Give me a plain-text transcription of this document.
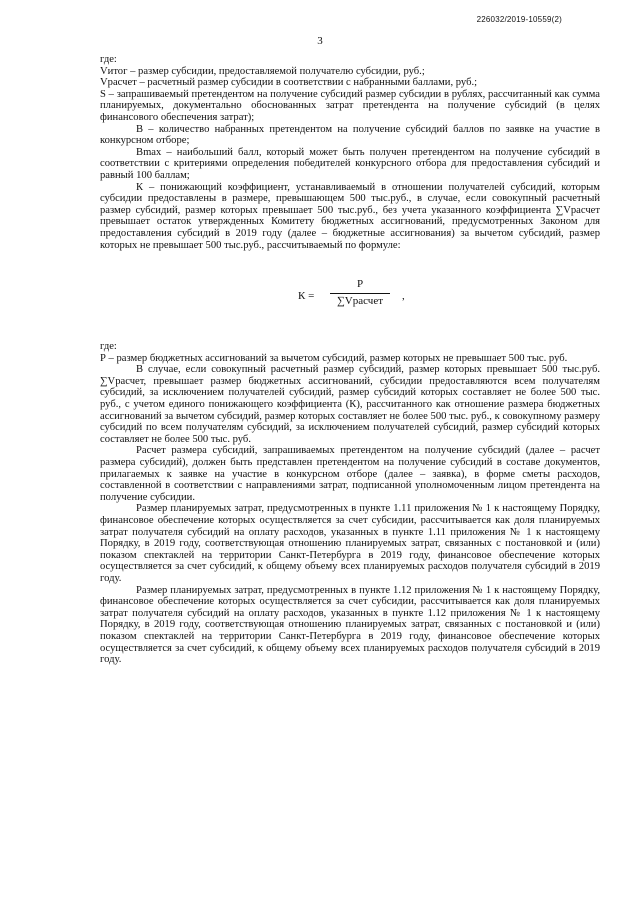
226032/2019-10559(2)
3

где:

Vитог – размер субсидии, предоставляемой получателю субсидии, руб.;

Vрасчет – расчетный размер субсидии в соответствии с набранными баллами, руб.;

S – запрашиваемый претендентом на получение субсидий размер субсидии в рублях, рассчитанный как сумма планируемых, документально обоснованных затрат претендента на получение субсидий (в целях финансового обеспечения затрат);

В – количество набранных претендентом на получение субсидий баллов по заявке на участие в конкурсном отборе;

Вmax – наибольший балл, который может быть получен претендентом на получение субсидий в соответствии с критериями определения победителей конкурсного отбора для предоставления субсидий и равный 100 баллам;

К – понижающий коэффициент, устанавливаемый в отношении получателей субсидий, которым субсидии предоставлены в размере, превышающем 500 тыс.руб., в случае, если совокупный расчетный размер субсидий, размер которых превышает 500 тыс.руб., без учета указанного коэффициента ∑Vрасчет превышает остаток утвержденных Комитету бюджетных ассигнований, предусмотренных Законом для предоставления субсидий в 2019 году (далее – бюджетные ассигнования) за вычетом субсидий, размер которых не превышает 500 тыс.руб., рассчитываемый по формуле:

К =
Р
∑Vрасчет	,

где:

Р – размер бюджетных ассигнований за вычетом субсидий, размер которых не превышает 500 тыс. руб.

В случае, если совокупный расчетный размер субсидий, размер которых превышает 500 тыс.руб. ∑Vрасчет, превышает размер бюджетных ассигнований, субсидии предоставляются всем получателям субсидий, за исключением получателей субсидий, размер субсидий которых составляет не более 500 тыс. руб., с учетом единого понижающего коэффициента (К), рассчитанного как отношение размера бюджетных ассигнований за вычетом субсидий, размер которых составляет не более 500 тыс. руб., к совокупному размеру субсидий по всем получателям субсидий, за исключением получателей субсидий, размер субсидий которых составляет не более 500 тыс. руб.

Расчет размера субсидий, запрашиваемых претендентом на получение субсидий (далее – расчет размера субсидий), должен быть представлен претендентом на получение субсидий в составе документов, прилагаемых к заявке на участие в конкурсном отборе (далее – заявка), в форме сметы расходов, составленной в соответствии с направлениями затрат, подписанной уполномоченным лицом претендента на получение субсидии.

Размер планируемых затрат, предусмотренных в пункте 1.11 приложения № 1 к настоящему Порядку, финансовое обеспечение которых осуществляется за счет субсидии, рассчитывается как доля планируемых затрат получателя субсидий на оплату расходов, указанных в пункте 1.11 приложения № 1 к настоящему Порядку, в 2019 году, соответствующая отношению планируемых затрат, связанных с постановкой и (или) показом спектаклей на территории Санкт-Петербурга в 2019 году, финансовое обеспечение которых осуществляется за счет субсидий, к общему объему всех планируемых расходов получателя субсидий в 2019 году.

Размер планируемых затрат, предусмотренных в пункте 1.12 приложения № 1 к настоящему Порядку, финансовое обеспечение которых осуществляется за счет субсидии, рассчитывается как доля планируемых затрат получателя субсидий на оплату расходов, указанных в пункте 1.12 приложения № 1 к настоящему Порядку, в 2019 году, соответствующая отношению планируемых затрат, связанных с постановкой и (или) показом спектаклей на территории Санкт-Петербурга в 2019 году, финансовое обеспечение которых осуществляется за счет субсидий, к общему объему всех планируемых расходов получателя субсидий в 2019 году.
